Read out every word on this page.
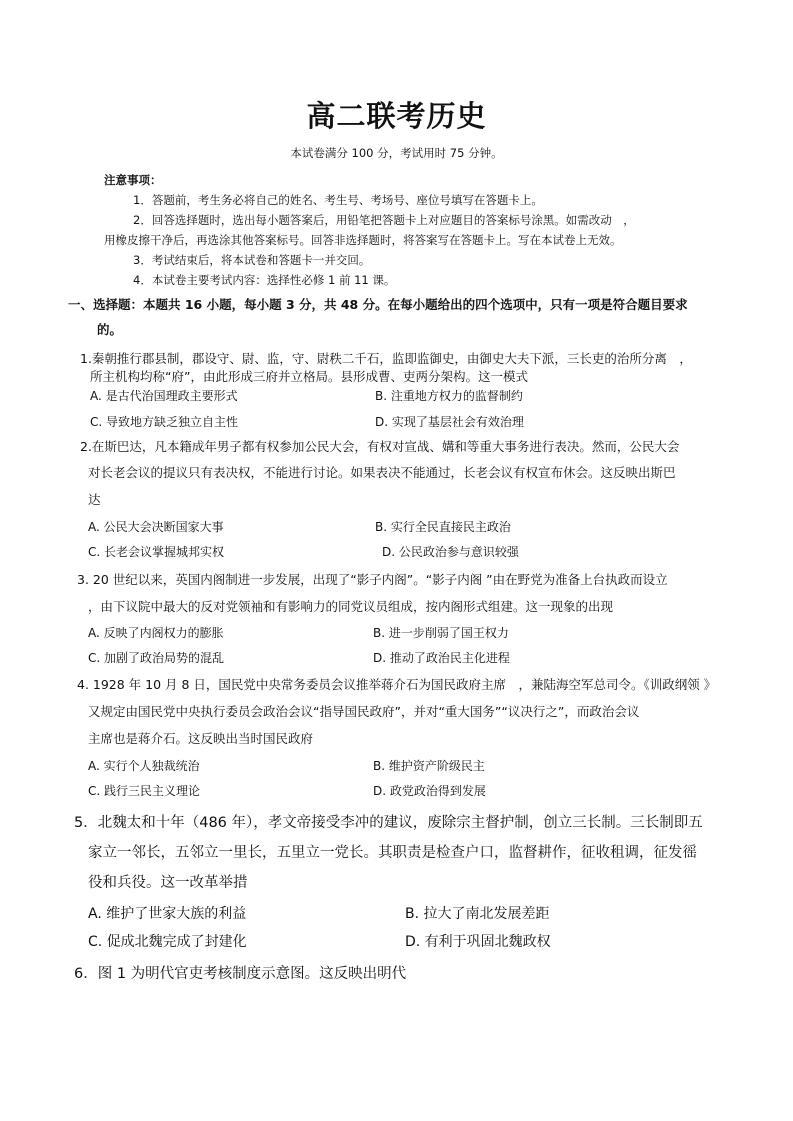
高二联考历史
本试卷满分 100 分，考试用时 75 分钟。
注意事项：
1．答题前，考生务必将自己的姓名、考生号、考场号、座位号填写在答题卡上。
2．回答选择题时，选出每小题答案后，用铅笔把答题卡上对应题目的答案标号涂黑。如需改动　，
用橡皮擦干净后，再选涂其他答案标号。回答非选择题时，将答案写在答题卡上。写在本试卷上无效。
3．考试结束后，将本试卷和答题卡一并交回。
4．本试卷主要考试内容：选择性必修 1 前 11 课。
一、选择题：本题共 16 小题，每小题 3 分，共 48 分。在每小题给出的四个选项中，只有一项是符合题目要求
的。
1.秦朝推行郡县制，郡设守、尉、监，守、尉秩二千石，监即监御史，由御史大夫下派，三长吏的治所分离　，
所主机构均称“府”，由此形成三府并立格局。县形成曹、吏两分架构。这一模式
A. 是古代治国理政主要形式	B. 注重地方权力的监督制约
C. 导致地方缺乏独立自主性	D. 实现了基层社会有效治理
2.在斯巴达，凡本籍成年男子都有权参加公民大会，有权对宣战、媾和等重大事务进行表决。然而，公民大会
对长老会议的提议只有表决权，不能进行讨论。如果表决不能通过，长老会议有权宣布休会。这反映出斯巴
达
A. 公民大会决断国家大事	B. 实行全民直接民主政治
C. 长老会议掌握城邦实权	D. 公民政治参与意识较强
3. 20 世纪以来，英国内阁制进一步发展，出现了“影子内阁”。“影子内阁 ”由在野党为准备上台执政而设立
，由下议院中最大的反对党领袖和有影响力的同党议员组成，按内阁形式组建。这一现象的出现
A. 反映了内阁权力的膨胀	B. 进一步削弱了国王权力
C. 加剧了政治局势的混乱	D. 推动了政治民主化进程
4. 1928 年 10 月 8 日，国民党中央常务委员会议推举蒋介石为国民政府主席　，兼陆海空军总司令。《训政纲领 》
又规定由国民党中央执行委员会政治会议“指导国民政府”，并对“重大国务”“议决行之”，而政治会议
主席也是蒋介石。这反映出当时国民政府
A. 实行个人独裁统治	B. 维护资产阶级民主
C. 践行三民主义理论	D. 政党政治得到发展
5．北魏太和十年（486 年），孝文帝接受李冲的建议，废除宗主督护制，创立三长制。三长制即五
家立一邻长，五邻立一里长，五里立一党长。其职责是检查户口，监督耕作，征收租调，征发徭
役和兵役。这一改革举措
A. 维护了世家大族的利益	B. 拉大了南北发展差距
C. 促成北魏完成了封建化	D. 有利于巩固北魏政权
6．图 1 为明代官吏考核制度示意图。这反映出明代
